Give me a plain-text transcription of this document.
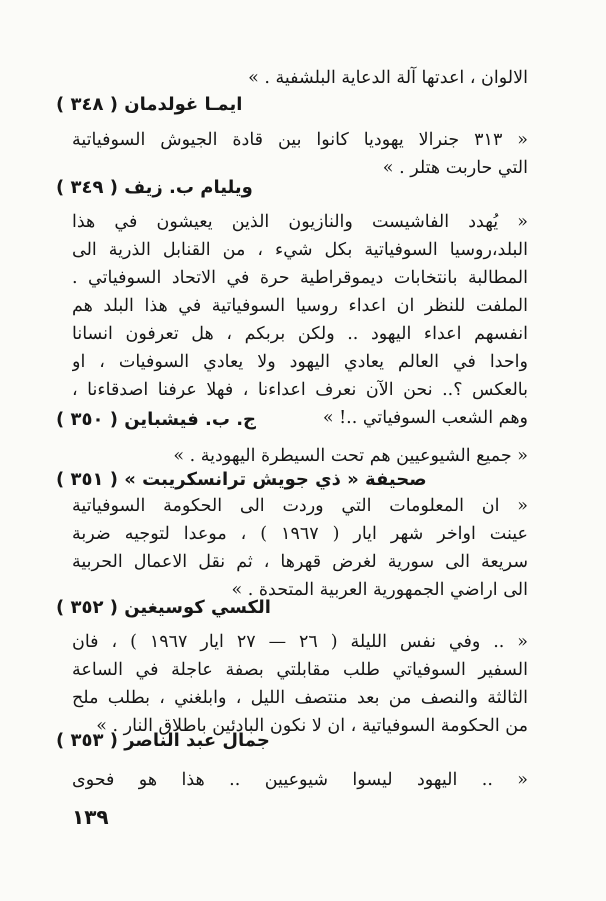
الالوان ، اعدتها آلة الدعاية البلشفية . »
ايمـا غولدمان ( ٣٤٨ )
« ٣١٣ جنرالا يهوديا كانوا بين قادة الجيوش السوفياتية
التي حاربت هتلر . »
ويليام ب. زيف ( ٣٤٩ )
« يُهدد الفاشيست والنازيون الذين يعيشون في هذا
البلد،روسيا السوفياتية بكل شيء ، من القنابل الذرية الى
المطالبة بانتخابات ديموقراطية حرة في الاتحاد السوفياتي .
الملفت للنظر ان اعداء روسيا السوفياتية في هذا البلد هم
انفسهم اعداء اليهود .. ولكن بربكم ، هل تعرفون انسانا
واحدا في العالم يعادي اليهود ولا يعادي السوفيات ، او
بالعكس ؟.. نحن الآن نعرف اعداءنا ، فهلا عرفنا اصدقاءنا ،
وهم الشعب السوفياتي ..! »
ج. ب. فيشباين ( ٣٥٠ )
« جميع الشيوعيين هم تحت السيطرة اليهودية . »
صحيفة « ذي جويش ترانسكريبت » ( ٣٥١ )
« ان المعلومات التي وردت الى الحكومة السوفياتية
عينت اواخر شهر ايار ( ١٩٦٧ ) ، موعدا لتوجيه ضربة
سريعة الى سورية لغرض قهرها ، ثم نقل الاعمال الحربية
الى اراضي الجمهورية العربية المتحدة . »
الكسي كوسيغين ( ٣٥٢ )
« .. وفي نفس الليلة ( ٢٦ — ٢٧ ايار ١٩٦٧ ) ، فان
السفير السوفياتي طلب مقابلتي بصفة عاجلة في الساعة
الثالثة والنصف من بعد منتصف الليل ، وابلغني ، بطلب ملح
من الحكومة السوفياتية ، ان لا نكون البادئين باطلاق النار . »
جمال عبد الناصر ( ٣٥٣ )
« .. اليهود ليسوا شيوعيين .. هذا هو فحوى
١٣٩
